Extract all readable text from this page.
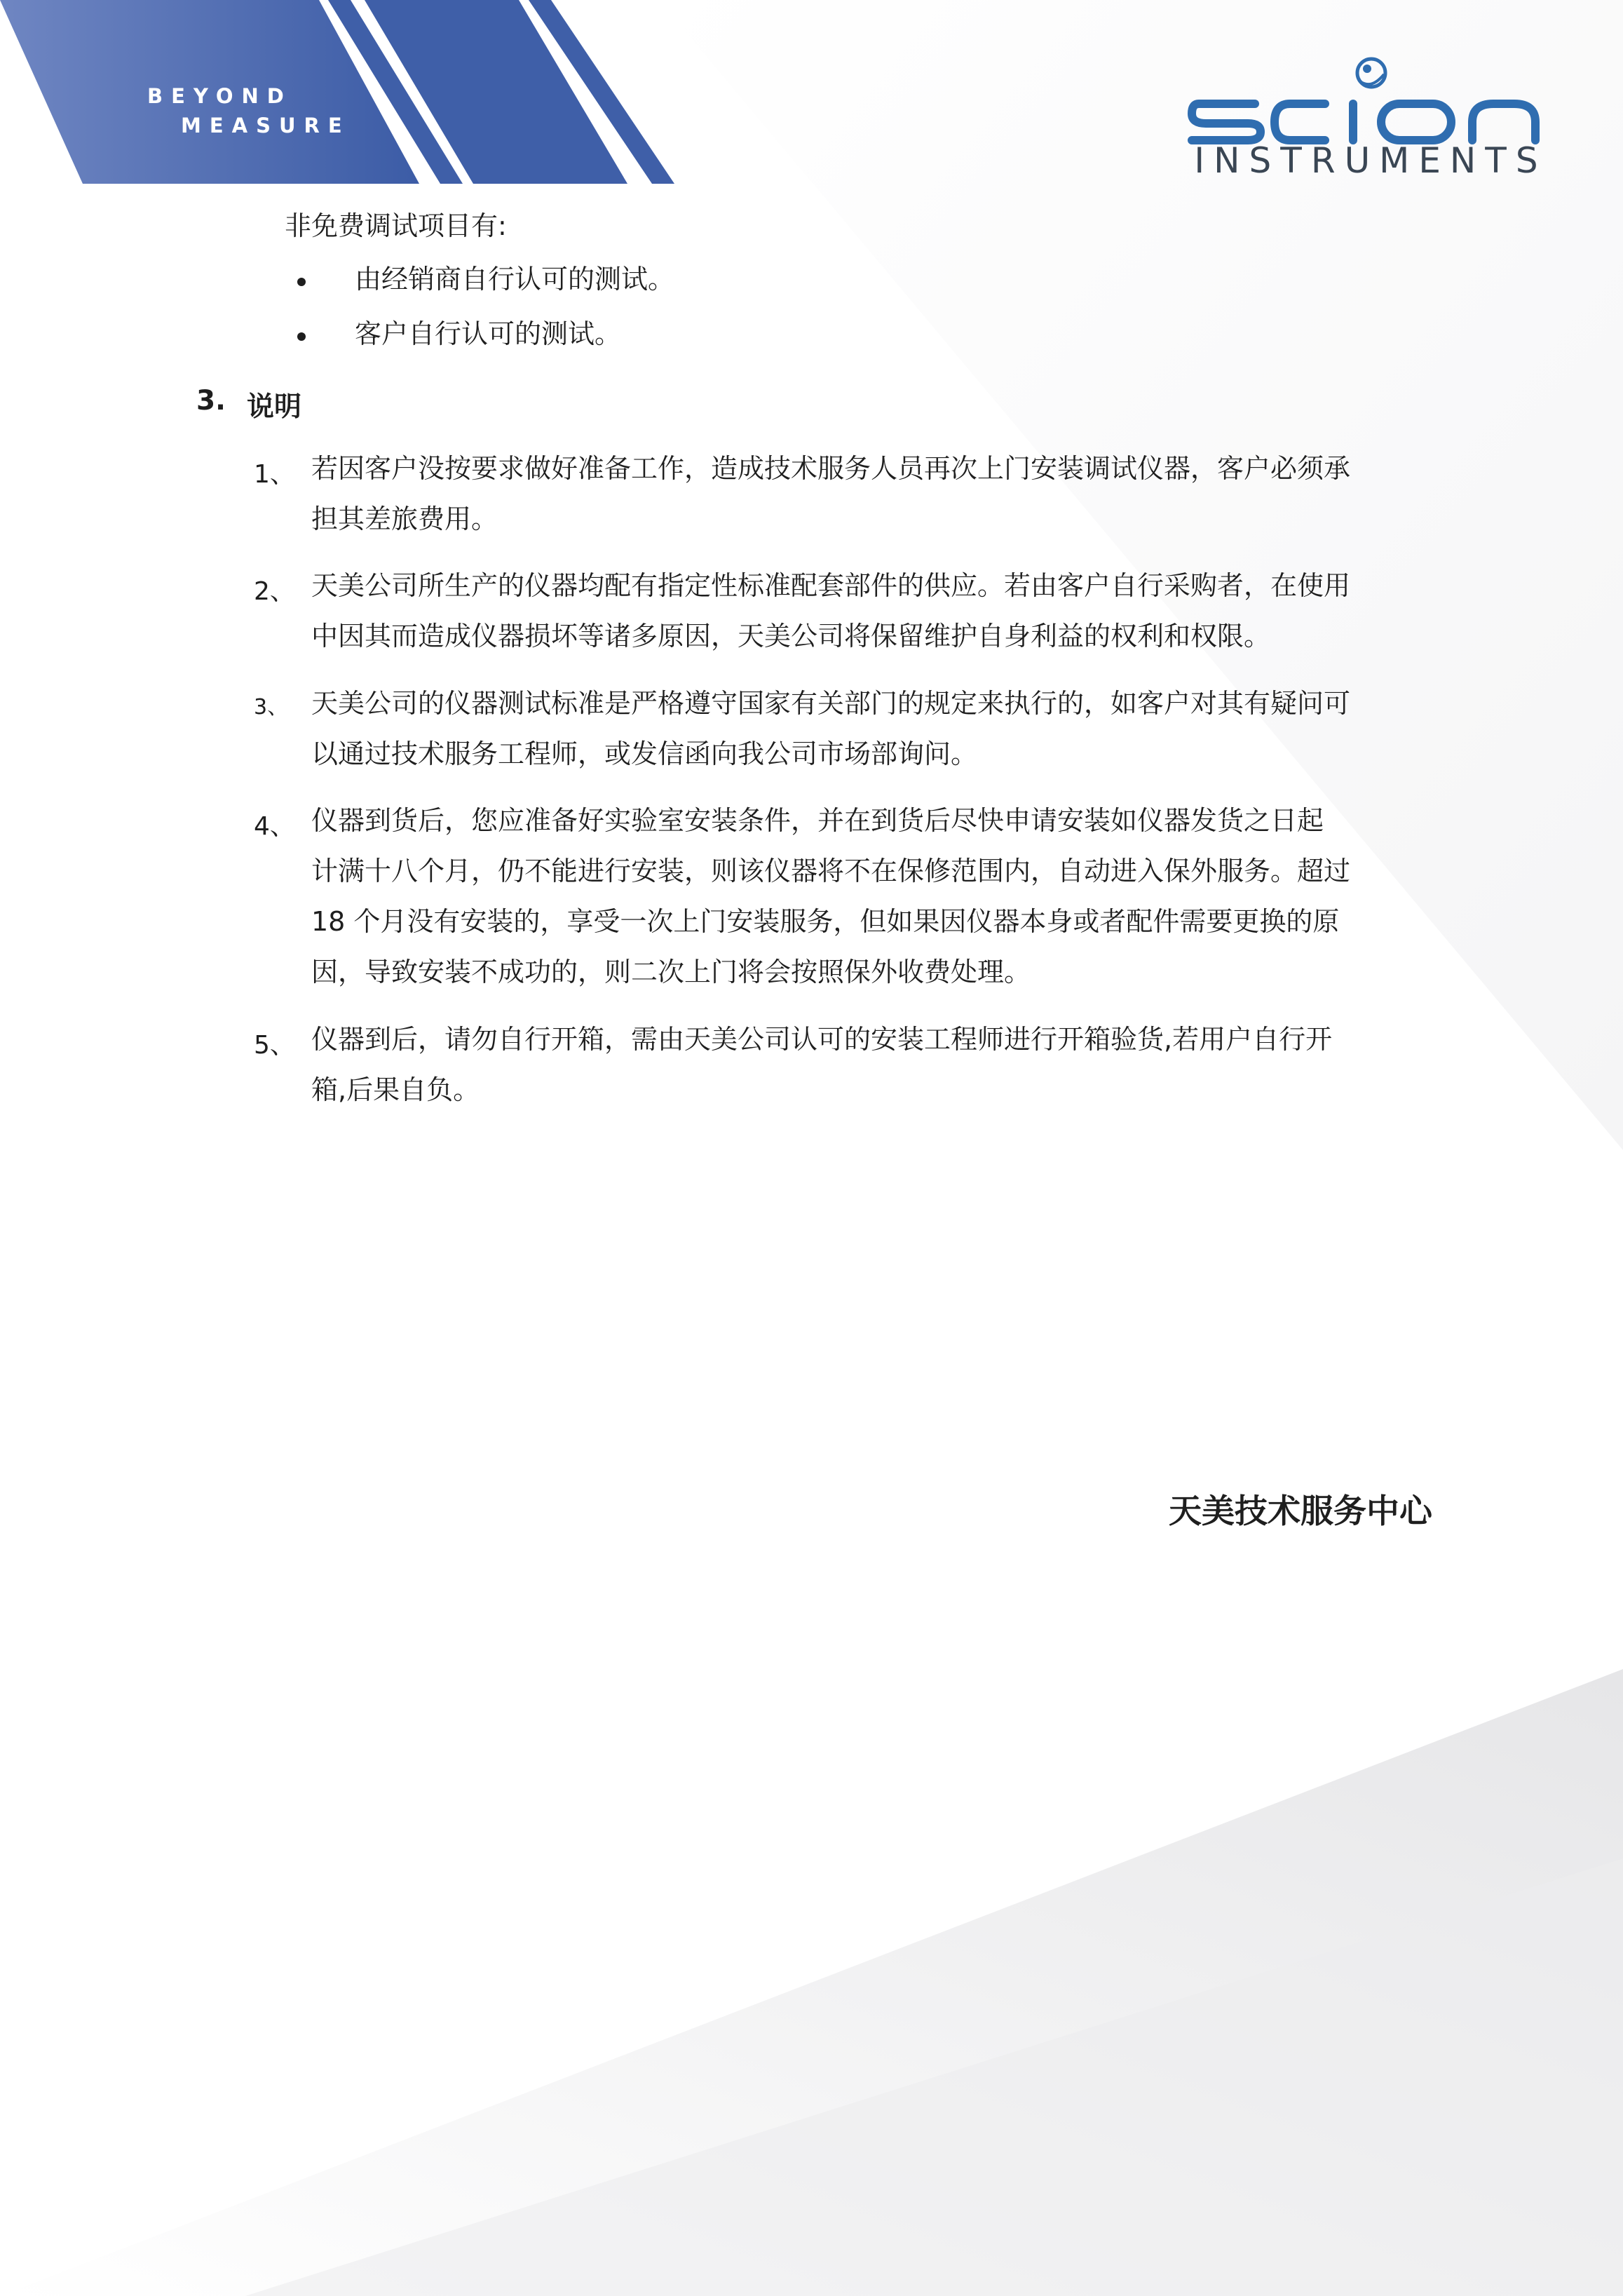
BEYOND
MEASURE
INSTRUMENTS
非免费调试项目有:
由经销商自行认可的测试。
客户自行认可的测试。
3. 说明
1、 若因客户没按要求做好准备工作，造成技术服务人员再次上门安装调试仪器，客户必须承
担其差旅费用。
2、 天美公司所生产的仪器均配有指定性标准配套部件的供应。若由客户自行采购者，在使用
中因其而造成仪器损坏等诸多原因，天美公司将保留维护自身利益的权利和权限。
3、 天美公司的仪器测试标准是严格遵守国家有关部门的规定来执行的，如客户对其有疑问可
以通过技术服务工程师，或发信函向我公司市场部询问。
4、 仪器到货后，您应准备好实验室安装条件，并在到货后尽快申请安装如仪器发货之日起
计满十八个月，仍不能进行安装，则该仪器将不在保修范围内，自动进入保外服务。超过
18 个月没有安装的，享受一次上门安装服务，但如果因仪器本身或者配件需要更换的原
因，导致安装不成功的，则二次上门将会按照保外收费处理。
5、 仪器到后，请勿自行开箱，需由天美公司认可的安装工程师进行开箱验货,若用户自行开
箱,后果自负。
天美技术服务中心
